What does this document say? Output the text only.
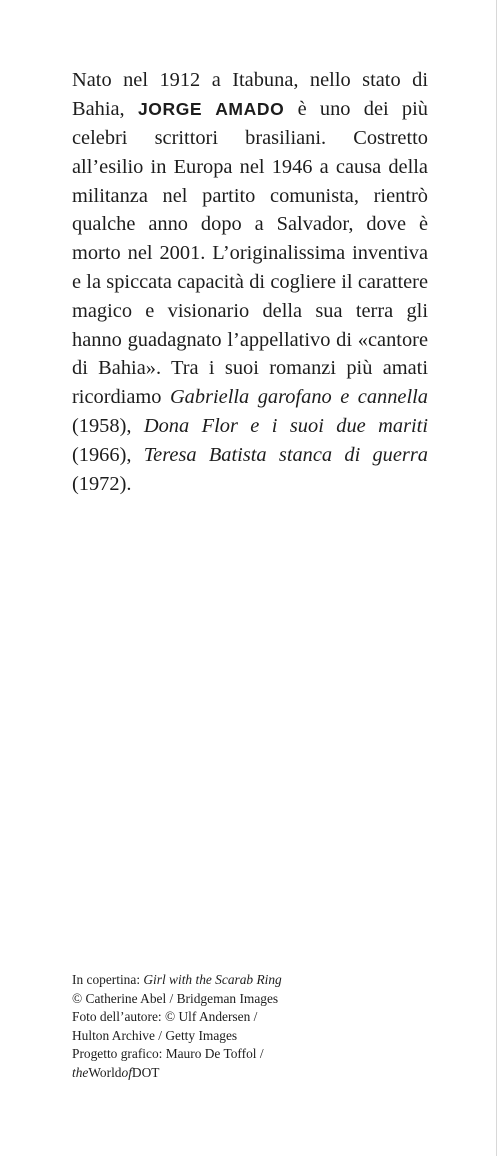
Nato nel 1912 a Itabuna, nello stato di Bahia, JORGE AMADO è uno dei più celebri scrittori brasiliani. Costretto all’esilio in Europa nel 1946 a causa della militanza nel partito comunista, rientrò qualche anno dopo a Salvador, dove è morto nel 2001. L’originalissima inventiva e la spiccata capacità di cogliere il carattere magico e visionario della sua terra gli hanno guadagnato l’appellativo di «cantore di Bahia». Tra i suoi romanzi più amati ricordiamo Gabriella garofano e cannella (1958), Dona Flor e i suoi due mariti (1966), Teresa Batista stanca di guerra (1972).

In copertina: Girl with the Scarab Ring
© Catherine Abel / Bridgeman Images
Foto dell’autore: © Ulf Andersen /
Hulton Archive / Getty Images
Progetto grafico: Mauro De Toffol /
theWorldofDOT
